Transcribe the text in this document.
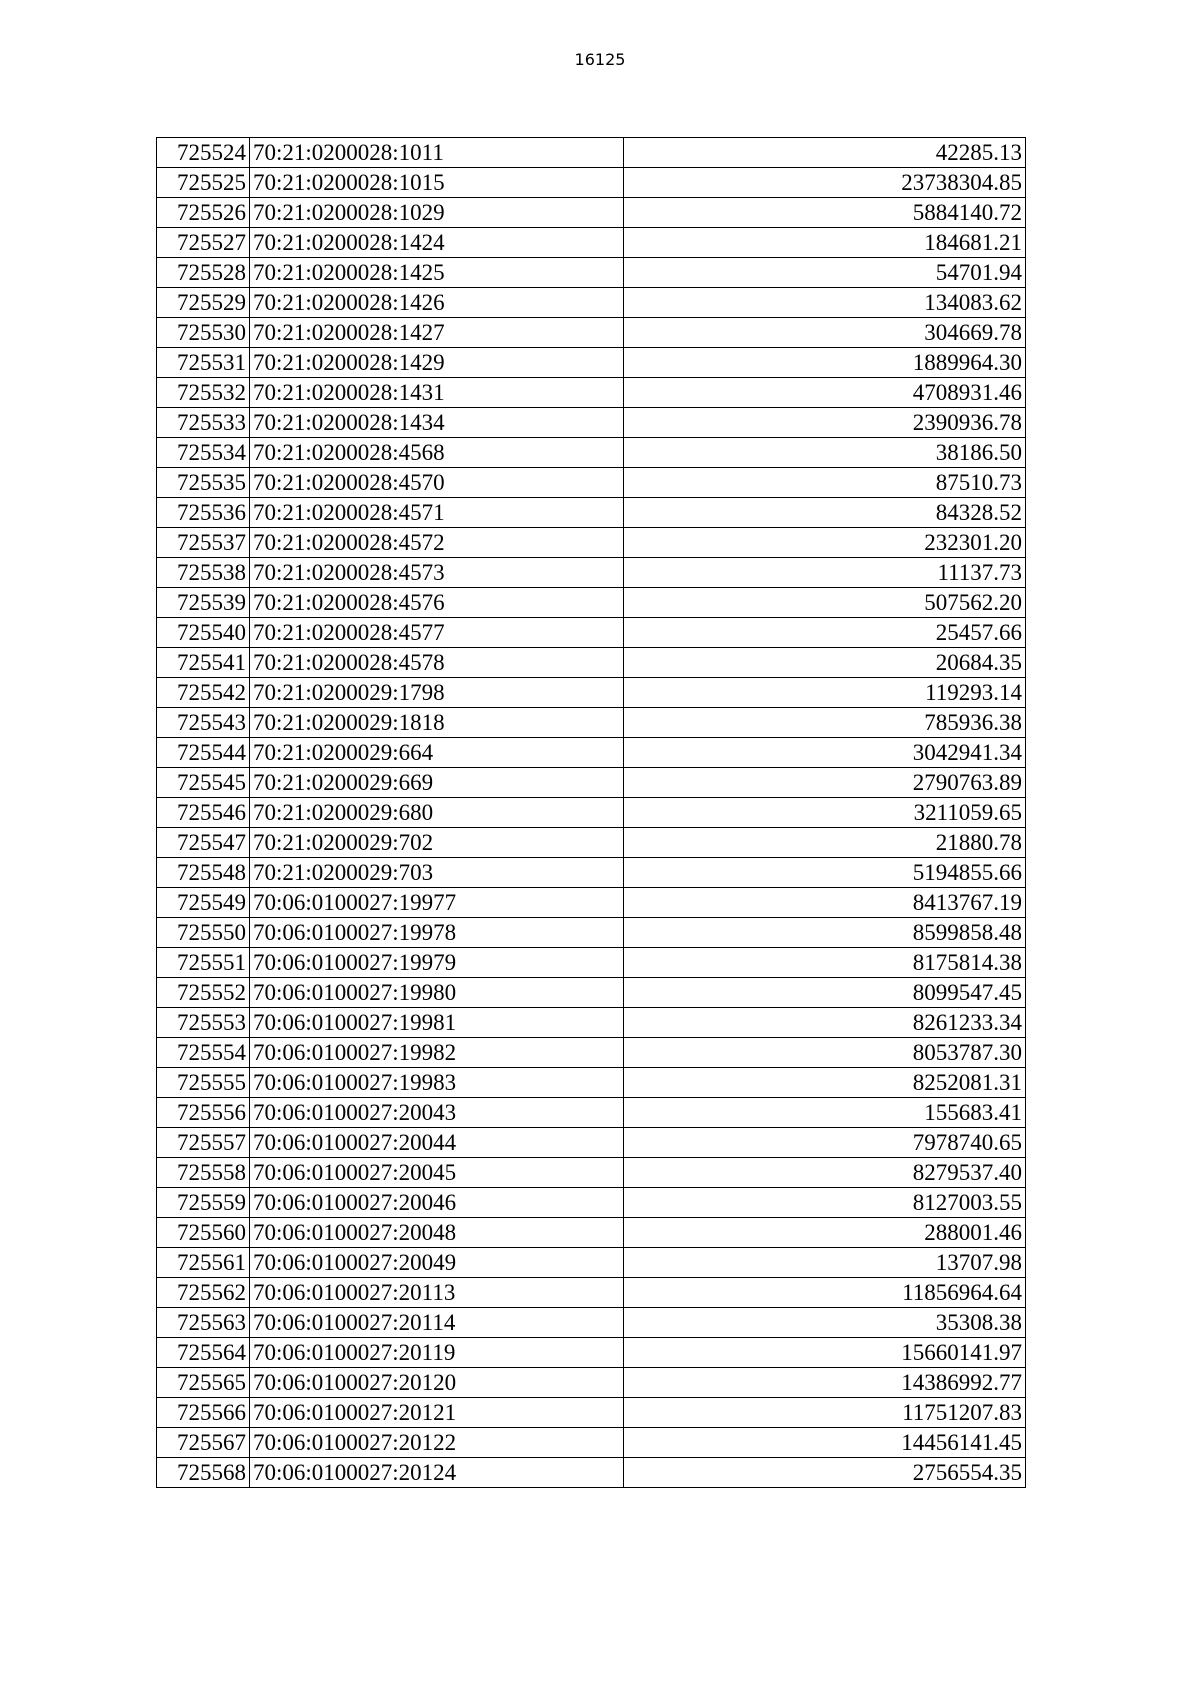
16125
725524	70:21:0200028:1011	42285.13
725525	70:21:0200028:1015	23738304.85
725526	70:21:0200028:1029	5884140.72
725527	70:21:0200028:1424	184681.21
725528	70:21:0200028:1425	54701.94
725529	70:21:0200028:1426	134083.62
725530	70:21:0200028:1427	304669.78
725531	70:21:0200028:1429	1889964.30
725532	70:21:0200028:1431	4708931.46
725533	70:21:0200028:1434	2390936.78
725534	70:21:0200028:4568	38186.50
725535	70:21:0200028:4570	87510.73
725536	70:21:0200028:4571	84328.52
725537	70:21:0200028:4572	232301.20
725538	70:21:0200028:4573	11137.73
725539	70:21:0200028:4576	507562.20
725540	70:21:0200028:4577	25457.66
725541	70:21:0200028:4578	20684.35
725542	70:21:0200029:1798	119293.14
725543	70:21:0200029:1818	785936.38
725544	70:21:0200029:664	3042941.34
725545	70:21:0200029:669	2790763.89
725546	70:21:0200029:680	3211059.65
725547	70:21:0200029:702	21880.78
725548	70:21:0200029:703	5194855.66
725549	70:06:0100027:19977	8413767.19
725550	70:06:0100027:19978	8599858.48
725551	70:06:0100027:19979	8175814.38
725552	70:06:0100027:19980	8099547.45
725553	70:06:0100027:19981	8261233.34
725554	70:06:0100027:19982	8053787.30
725555	70:06:0100027:19983	8252081.31
725556	70:06:0100027:20043	155683.41
725557	70:06:0100027:20044	7978740.65
725558	70:06:0100027:20045	8279537.40
725559	70:06:0100027:20046	8127003.55
725560	70:06:0100027:20048	288001.46
725561	70:06:0100027:20049	13707.98
725562	70:06:0100027:20113	11856964.64
725563	70:06:0100027:20114	35308.38
725564	70:06:0100027:20119	15660141.97
725565	70:06:0100027:20120	14386992.77
725566	70:06:0100027:20121	11751207.83
725567	70:06:0100027:20122	14456141.45
725568	70:06:0100027:20124	2756554.35
